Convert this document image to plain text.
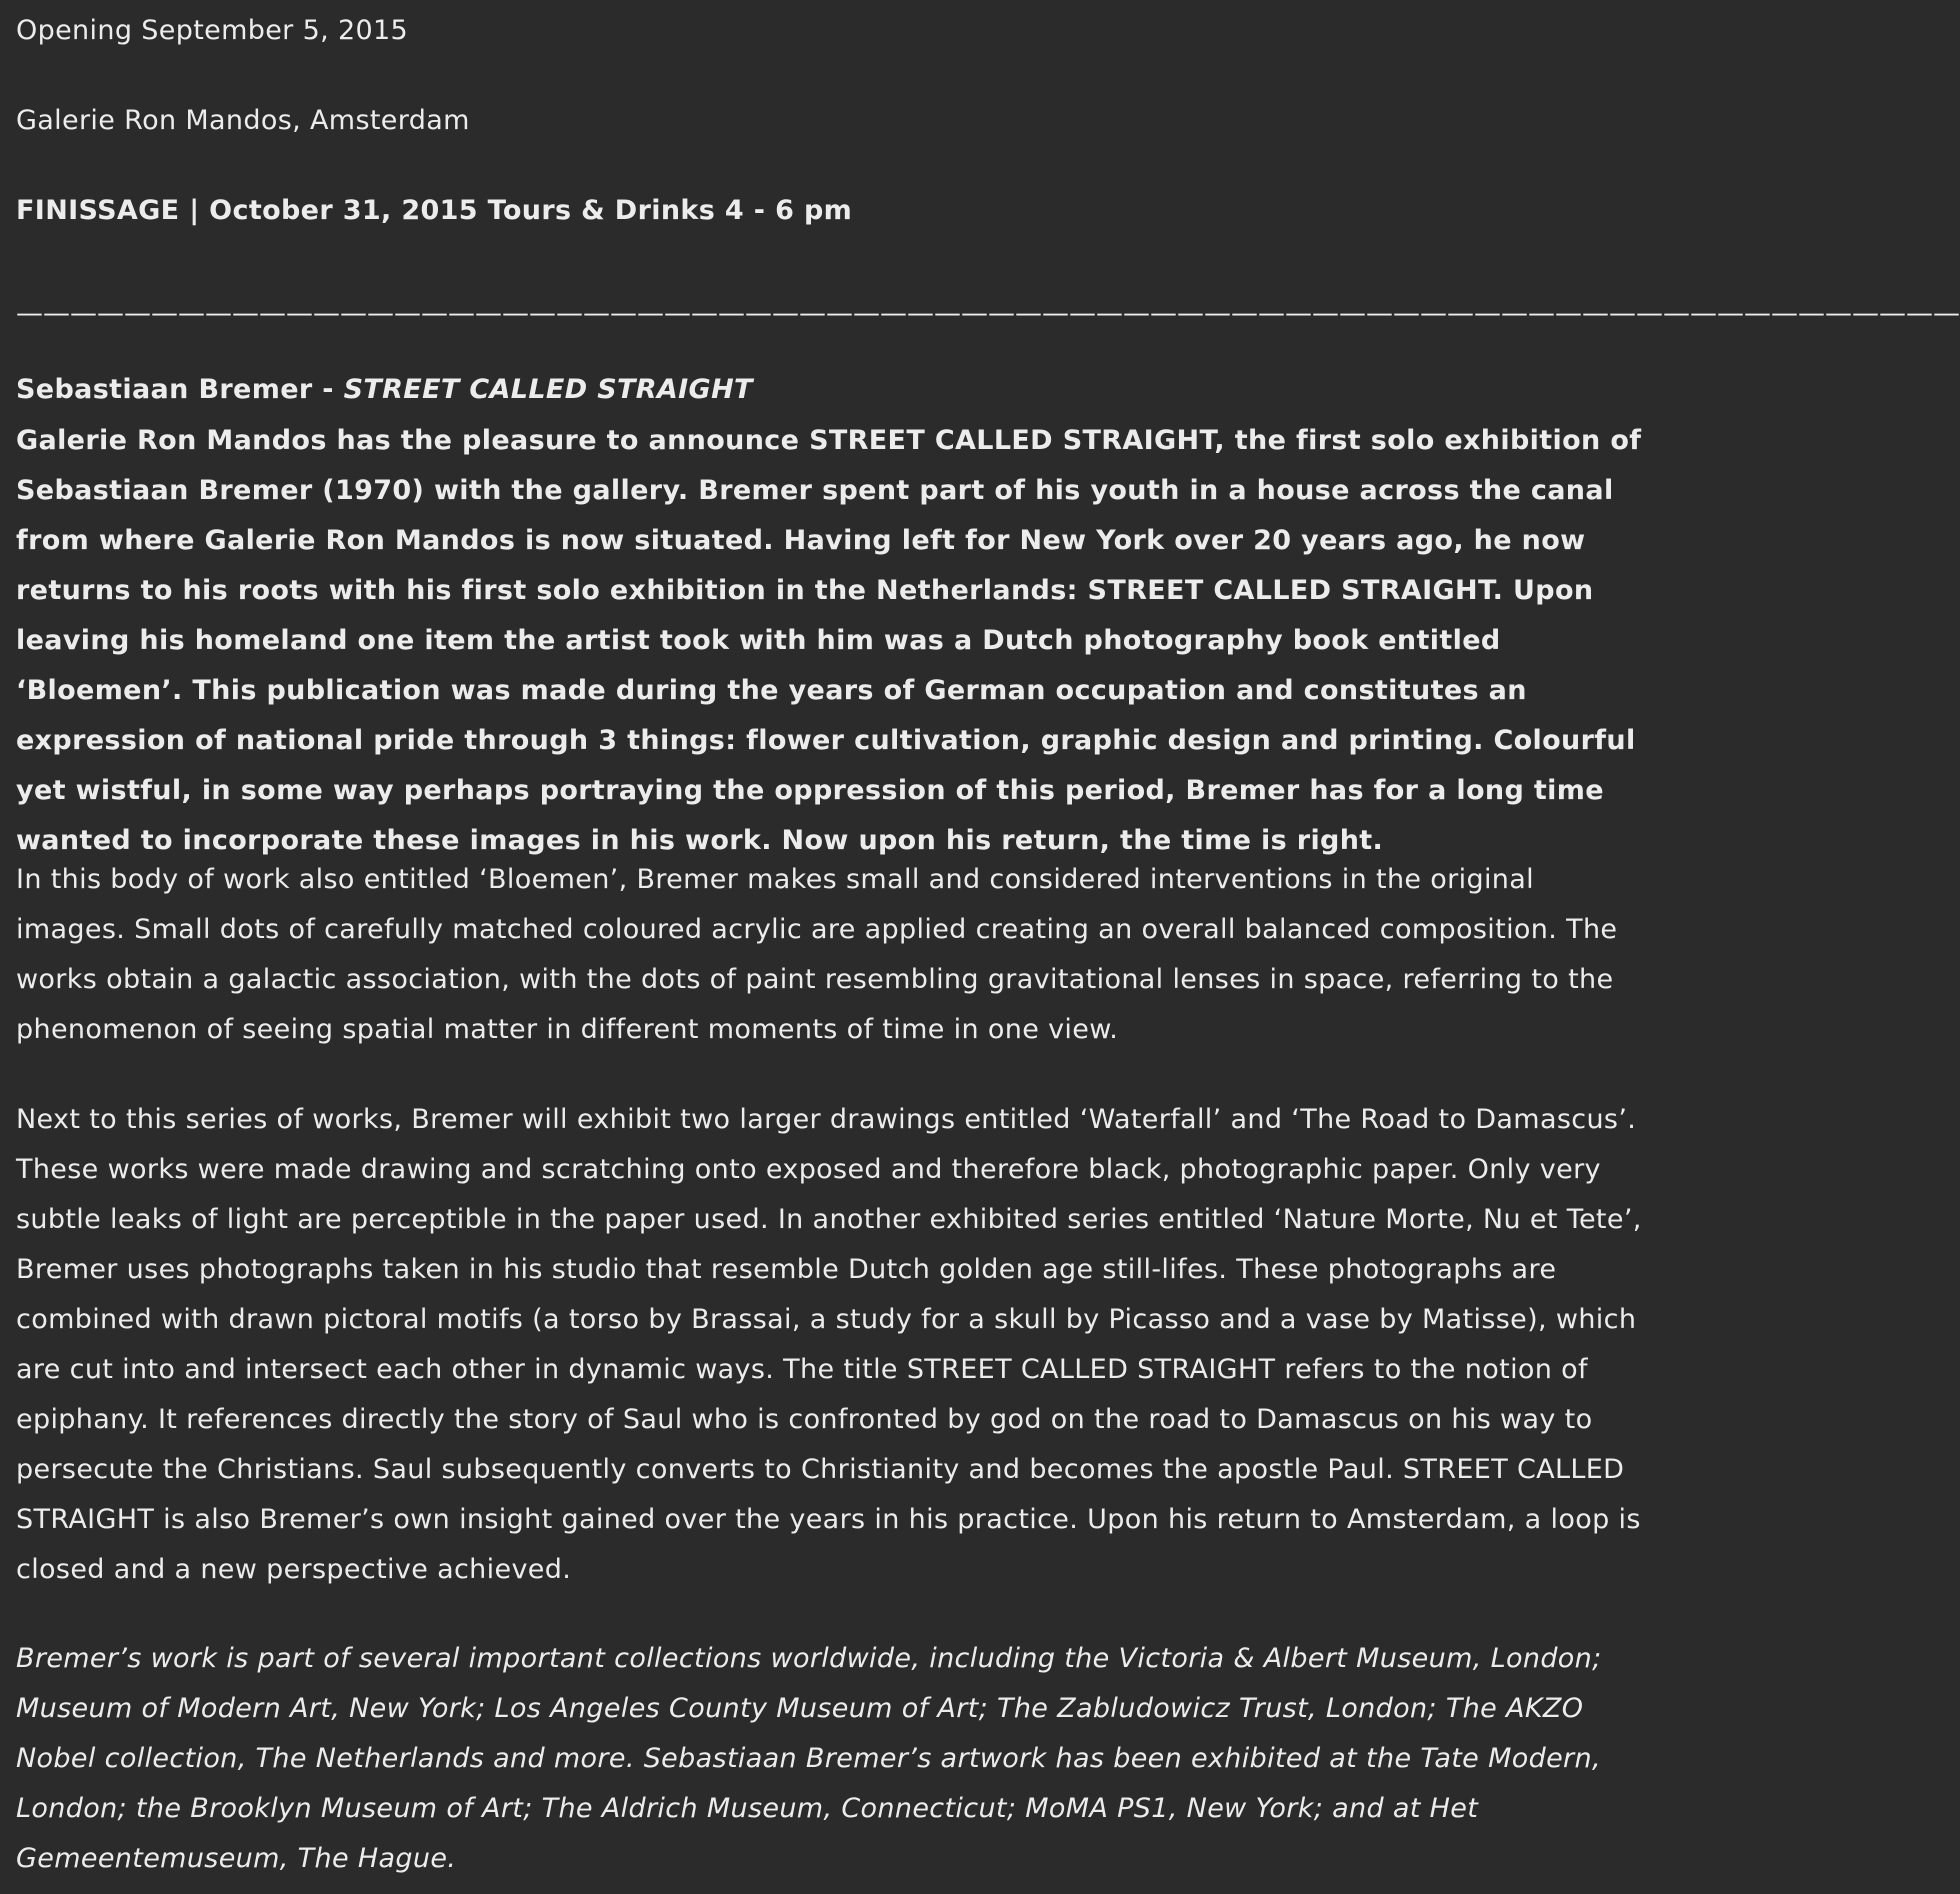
Opening September 5, 2015

Galerie Ron Mandos, Amsterdam

FINISSAGE | October 31, 2015 Tours & Drinks 4 - 6 pm

————————————————————————————————————————————————————————————————————————

Sebastiaan Bremer - STREET CALLED STRAIGHT

Galerie Ron Mandos has the pleasure to announce STREET CALLED STRAIGHT, the first solo exhibition of Sebastiaan Bremer (1970) with the gallery. Bremer spent part of his youth in a house across the canal from where Galerie Ron Mandos is now situated. Having left for New York over 20 years ago, he now returns to his roots with his first solo exhibition in the Netherlands: STREET CALLED STRAIGHT. Upon leaving his homeland one item the artist took with him was a Dutch photography book entitled ‘Bloemen’. This publication was made during the years of German occupation and constitutes an expression of national pride through 3 things: flower cultivation, graphic design and printing. Colourful yet wistful, in some way perhaps portraying the oppression of this period, Bremer has for a long time wanted to incorporate these images in his work. Now upon his return, the time is right.

In this body of work also entitled ‘Bloemen’, Bremer makes small and considered interventions in the original images. Small dots of carefully matched coloured acrylic are applied creating an overall balanced composition. The works obtain a galactic association, with the dots of paint resembling gravitational lenses in space, referring to the phenomenon of seeing spatial matter in different moments of time in one view.

Next to this series of works, Bremer will exhibit two larger drawings entitled ‘Waterfall’ and ‘The Road to Damascus’. These works were made drawing and scratching onto exposed and therefore black, photographic paper. Only very subtle leaks of light are perceptible in the paper used. In another exhibited series entitled ‘Nature Morte, Nu et Tete’, Bremer uses photographs taken in his studio that resemble Dutch golden age still-lifes. These photographs are combined with drawn pictoral motifs (a torso by Brassai, a study for a skull by Picasso and a vase by Matisse), which are cut into and intersect each other in dynamic ways. The title STREET CALLED STRAIGHT refers to the notion of epiphany. It references directly the story of Saul who is confronted by god on the road to Damascus on his way to persecute the Christians. Saul subsequently converts to Christianity and becomes the apostle Paul. STREET CALLED STRAIGHT is also Bremer’s own insight gained over the years in his practice. Upon his return to Amsterdam, a loop is closed and a new perspective achieved.

Bremer’s work is part of several important collections worldwide, including the Victoria & Albert Museum, London; Museum of Modern Art, New York; Los Angeles County Museum of Art; The Zabludowicz Trust, London; The AKZO Nobel collection, The Netherlands and more. Sebastiaan Bremer’s artwork has been exhibited at the Tate Modern, London; the Brooklyn Museum of Art; The Aldrich Museum, Connecticut; MoMA PS1, New York; and at Het Gemeentemuseum, The Hague.
